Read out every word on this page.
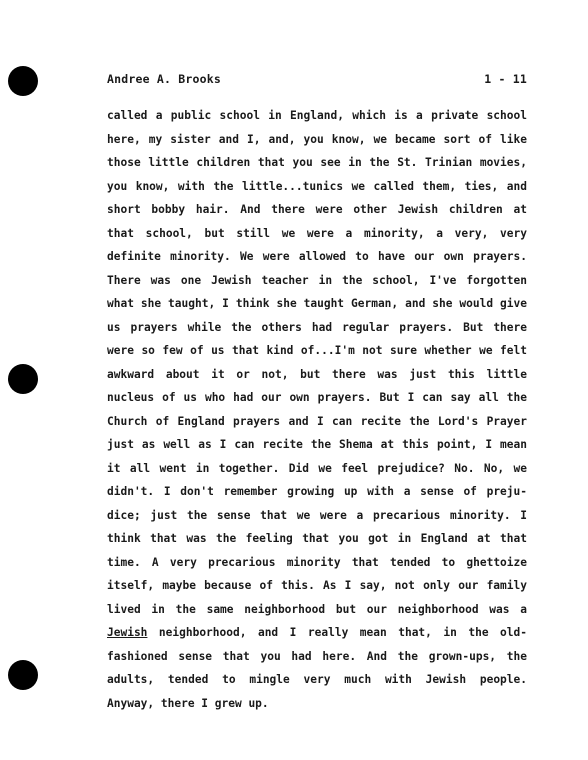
Andree A. Brooks	1 - 11
called a public school in England, which is a private school
here, my sister and I, and, you know, we became sort of like
those little children that you see in the St. Trinian movies,
you know, with the little...tunics we called them, ties, and
short bobby hair. And there were other Jewish children at
that school, but still we were a minority, a very, very
definite minority. We were allowed to have our own prayers.
There was one Jewish teacher in the school, I've forgotten
what she taught, I think she taught German, and she would give
us prayers while the others had regular prayers. But there
were so few of us that kind of...I'm not sure whether we felt
awkward about it or not, but there was just this little
nucleus of us who had our own prayers. But I can say all the
Church of England prayers and I can recite the Lord's Prayer
just as well as I can recite the Shema at this point, I mean
it all went in together. Did we feel prejudice? No. No, we
didn't. I don't remember growing up with a sense of preju-
dice; just the sense that we were a precarious minority. I
think that was the feeling that you got in England at that
time. A very precarious minority that tended to ghettoize
itself, maybe because of this. As I say, not only our family
lived in the same neighborhood but our neighborhood was a
Jewish neighborhood, and I really mean that, in the old-
fashioned sense that you had here. And the grown-ups, the
adults, tended to mingle very much with Jewish people.
Anyway, there I grew up.
